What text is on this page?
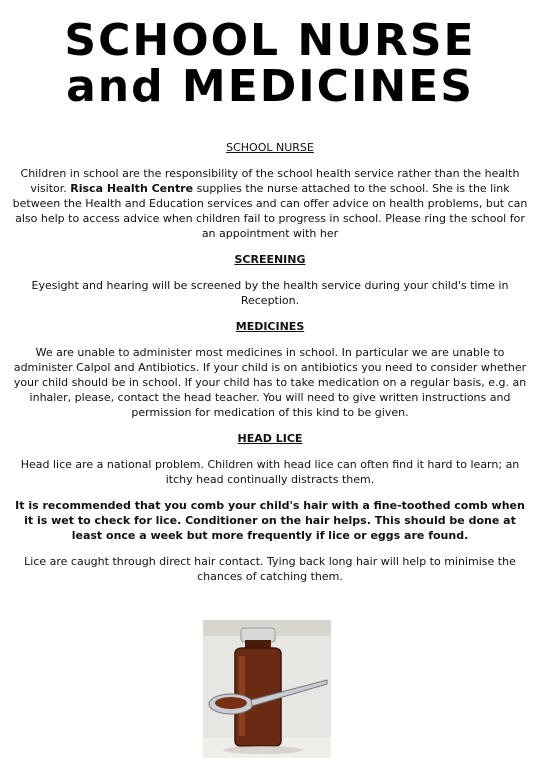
SCHOOL NURSE
and MEDICINES
SCHOOL NURSE

Children in school are the responsibility of the school health service rather than the health visitor. Risca Health Centre supplies the nurse attached to the school. She is the link between the Health and Education services and can offer advice on health problems, but can also help to access advice when children fail to progress in school. Please ring the school for an appointment with her

SCREENING

Eyesight and hearing will be screened by the health service during your child's time in Reception.

MEDICINES

We are unable to administer most medicines in school. In particular we are unable to administer Calpol and Antibiotics. If your child is on antibiotics you need to consider whether your child should be in school. If your child has to take medication on a regular basis, e.g. an inhaler, please, contact the head teacher. You will need to give written instructions and permission for medication of this kind to be given.

HEAD LICE

Head lice are a national problem. Children with head lice can often find it hard to learn; an itchy head continually distracts them.

It is recommended that you comb your child's hair with a fine-toothed comb when it is wet to check for lice. Conditioner on the hair helps. This should be done at least once a week but more frequently if lice or eggs are found.

Lice are caught through direct hair contact. Tying back long hair will help to minimise the chances of catching them.
